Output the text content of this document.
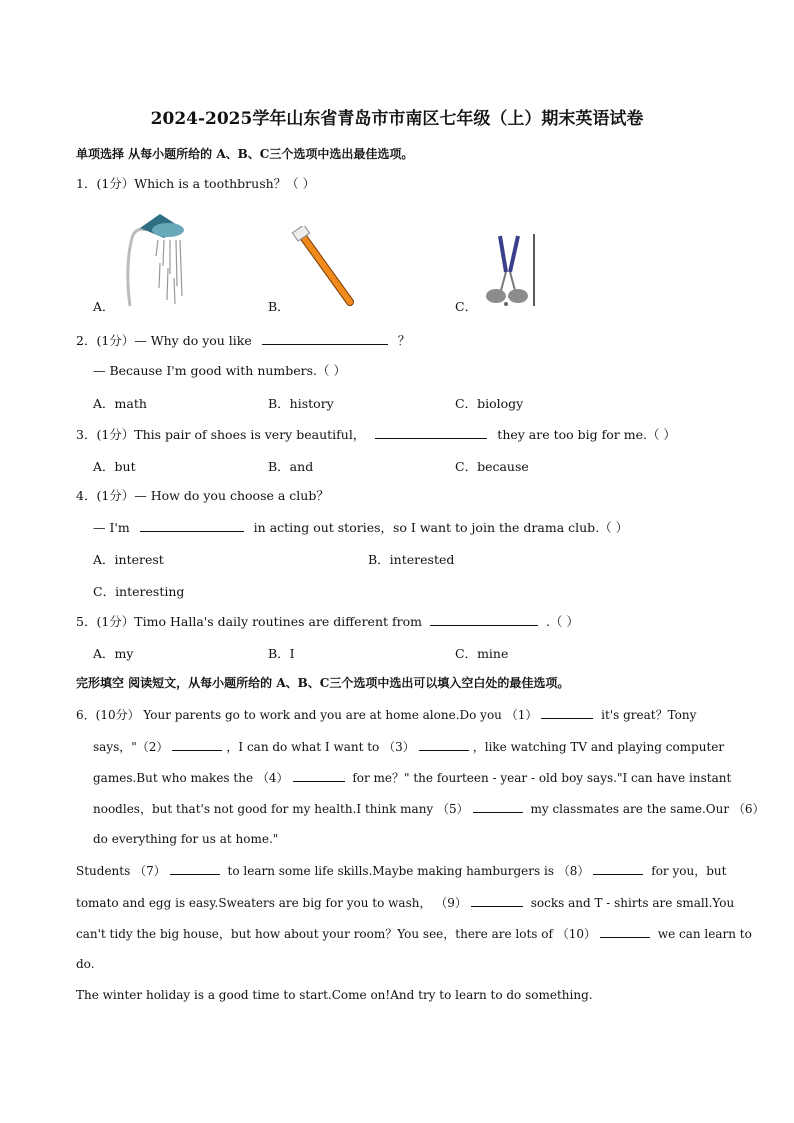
2024-2025学年山东省青岛市市南区七年级（上）期末英语试卷
单项选择 从每小题所给的 A、B、C三个选项中选出最佳选项。
1．(1分）Which is a toothbrush？（ ）
A．	B．	C．
2．(1分）— Why do you like	？
— Because I'm good with numbers.（ ）
A．math	B．history	C．biology
3．(1分）This pair of shoes is very beautiful，	they are too big for me.（ ）
A．but	B．and	C．because
4．(1分）— How do you choose a club？
— I'm	in acting out stories，so I want to join the drama club.（ ）
A．interest	B．interested
C．interesting
5．(1分）Timo Halla's daily routines are different from	.（ ）
A．my	B．I	C．mine
完形填空 阅读短文，从每小题所给的 A、B、C三个选项中选出可以填入空白处的最佳选项。
6．(10分） Your parents go to work and you are at home alone.Do you （1）	it's great？Tony
says，"（2）	，I can do what I want to （3）	，like watching TV and playing computer
games.But who makes the （4）	for me？" the fourteen - year - old boy says."I can have instant
noodles，but that's not good for my health.I think many （5）	my classmates are the same.Our （6）
do everything for us at home."
Students （7）	to learn some life skills.Maybe making hamburgers is （8）	for you，but
tomato and egg is easy.Sweaters are big for you to wash， （9）	socks and T - shirts are small.You
can't tidy the big house，but how about your room？You see，there are lots of （10）	we can learn to
do.
The winter holiday is a good time to start.Come on!And try to learn to do something.
